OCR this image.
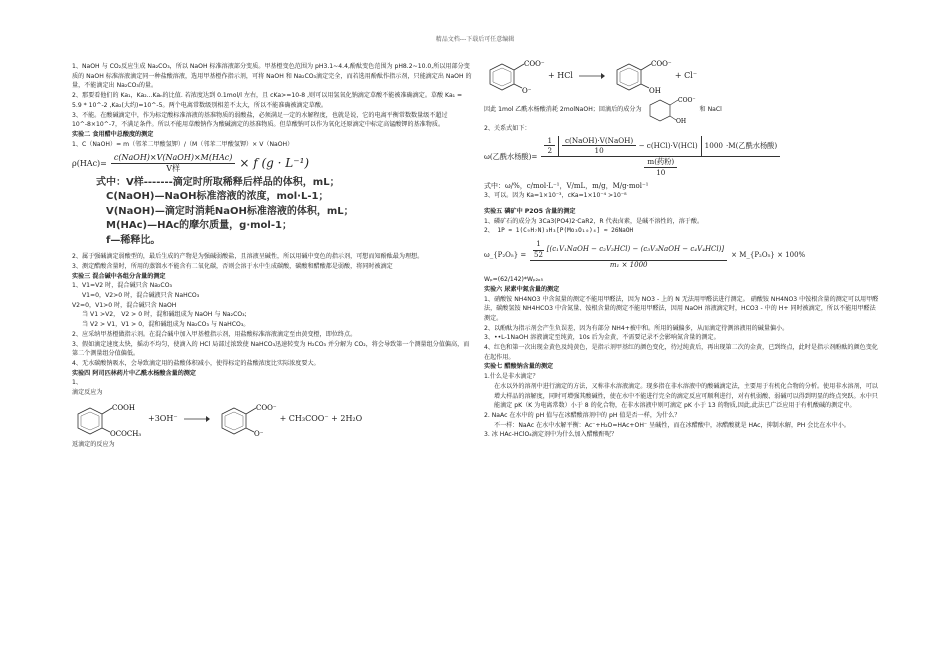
精品文档---下载后可任意编辑

1、NaOH 与 CO₂反应生成 Na₂CO₃，所以 NaOH 标准溶液部分变质。甲基橙变色范围为 pH3.1~4.4,酚酞变色范围为 pH8.2~10.0,所以用部分变质的 NaOH 标准溶液滴定同一种盐酸溶液，选用甲基橙作指示剂，可将 NaOH 和 Na₂CO₃滴定完全，而若选用酚酞作指示剂，只能滴定出 NaOH 的量，不能滴定出 Na₂CO₃的量。

2、那要看他们的 Ka₁，Ka₂...Kaₙ的比值. 若浓度达到 0.1mol/l 左右，且 cKa>=10-8 ,则可以用氢氧化钠滴定草酸不能被准确滴定。草酸 Ka₁ = 5.9 * 10^-2 ,Ka₂(大约)=10^-5。两个电离常数级别相差不太大，所以不能准确被滴定草酸。

3、不能。在酸碱滴定中，作为标定酸标准溶液的基准物质的弱酸盐，必须满足一定的水解程度，也就是说，它的电离平衡常数数量级不超过 10^-8×10^-7，不满足条件。所以不能用草酸钠作为酸碱滴定的基准物质。但草酸钠可以作为氧化还原滴定中标定高锰酸钾的基准物质。

实验二 食用醋中总酸度的测定

1、C（NaOH）= m（邻苯二甲酸氢钾）/（M（邻苯二甲酸氢钾）× V（NaOH）

$\rho(HAc)= \frac{\text{c(NaOH)×V(NaOH)×M(HAc)}}{\text{V样}} \times f$ (g · L⁻¹)
式中：V样-------滴定时所取稀释后样品的体积，mL；
C(NaOH)—NaOH标准溶液的浓度，mol·L-1；
V(NaOH)—滴定时消耗NaOH标准溶液的体积，mL；
M(HAc)—HAc的摩尔质量，g·mol-1；
f—稀释比。

2、属于强碱滴定弱酸型的，最后生成的产物是为强碱弱酸盐，且溶液呈碱性，所以用碱中变色的指示剂，可想而知酚酞最为理想。

3、测定醋酸含量时，所用的蒸馏水不能含有二氧化碳，否则会溶于水中生成碳酸，碳酸和醋酸都是弱酸，将同时被滴定

实验三 混合碱中各组分含量的测定

1、V1=V2 时，混合碱只含 Na₂CO₃

V1=0，V2>0 时，混合碱液只含 NaHCO₃

V2=0，V1>0 时，混合碱只含 NaOH

当 V1 >V2， V2 > 0 时，混和碱组成为 NaOH 与 Na₂CO₃;

当 V2 > V1，V1 > 0，混和碱组成为 Na₂CO₃ 与 NaHCO₃。

2、应采纳甲基橙做指示剂。在混合碱中加入甲基橙指示剂，用盐酸标准溶液滴定至由黄变橙，即位终点。

3、假如滴定速度太快，摇动不均匀，使滴入的 HCl 局部过浓致使 NaHCO₃迅速转变为 H₂CO₃ 并分解为 CO₂，将会导致第一个测量组分值偏高，而第二个测量组分值偏低。

4、无水碳酸钠吸水，会导致滴定用的盐酸体积减小，使得标定的盐酸浓度比实际浓度要大。

实验四 阿司匹林药片中乙酰水杨酸含量的测定

1、

滴定反应为

COOH
OCOCH₃
+3OH⁻
COO⁻
O⁻
+ CH₃COO⁻ + 2H₂O

返滴定的反应为

COO⁻
O⁻
+ HCl
COO⁻
OH
+ Cl⁻
因此 1mol 乙酰水杨酸消耗 2molNaOH；回滴后的成分为
COO⁻
OH
和 NaCl

2、关系式如下：

ω(乙酰水杨酸)=
$\frac{1}{2} \frac{\text{c(NaOH)·V(NaOH)}}{10} - c(HCl)\cdot V(HCl)$ 1000 ·M(乙酰水杨酸)
$\frac{\text{m(药粉)}}{10}$

式中：ω/%，c/mol·L⁻¹，V/mL，m/g，M/g·mol⁻¹

3、可以。因为 Ka=1×10⁻³，cKa=1×10⁻⁴ >10⁻⁸

实验五 磷矿中 P2O5 含量的测定

1、磷矿石的成分为 3Ca3(PO4)2·CaR2，R 代表卤素，是碱不溶性的，溶于酸。

2、 1P ≈ 1(C₉H₇N)₃H₃[P(Mo₃O₁₀)₄] ≈ 26NaOH

ω_{P₂O₅} = $\frac{\frac{1}{52} [(c_1V_1NaOH - c_2V_2HCl) - (c_3V_3NaOH - c_4V_4HCl)]}{\text{m₁ × 1000}}$ × M_{P₂O₅} × 100%

Wₚ=(62/142)*Wₚ₂ₒ₅

实验六 尿素中氮含量的测定

1、硝酸铵 NH4NO3 中含氮量的测定不能用甲醛法，因为 NO3 - 上的 N 无法用甲醛法进行测定。 硝酸铵 NH4NO3 中铵根含量的测定可以用甲醛法，碳酸氢铵 NH4HCO3 中含氮量、铵根含量的测定不能用甲醛法，因用 NaOH 溶液滴定时，HCO3 - 中的 H+ 同时被滴定，所以不能用甲醛法测定。

2、以酚酞为指示剂会产生负误差，因为有部分 NH4+被中和。所用的碱偏多，从而滴定待测溶液用的碱量偏小。

3、••L-1NaOH 溶液滴定至纯黄，10s 后为金黄，不需要记录不会影响氮含量的测定。

4、红色和第一次出现金黄色及纯黄色，是指示剂甲基红的颜色变化，待过纯黄后，再出现第二次的金黄，已到终点，此时是指示剂酚酞的颜色变化在起作用。

实验七 醋酸钠含量的测定

1.什么是非水滴定？

在水以外的溶剂中进行滴定的方法，又称非水溶液滴定。现多指在非水溶液中的酸碱滴定法，主要用于有机化合物的分析。使用非水溶剂，可以增大样品的溶解度，同时可增强其酸碱性，使在水中不能进行完全的滴定反应可顺利进行，对有机弱酸、弱碱可以得到明显的终点突跃。水中只能滴定 pK（K 为电离常数）小于 8 的化合物，在非水溶液中则可滴定 pK 小于 13 的物质,因此,此法已广泛应用于有机酸碱的测定中。

2. NaAc 在水中的 pH 值与在冰醋酸溶剂中的 pH 值是否一样，为什么？

不一样：NaAc 在水中水解平衡：Ac⁻+H₂O=HAc+OH⁻ 呈碱性，而在冰醋酸中，冰醋酸就是 HAc，抑制水解，PH 会比在水中小。

3. 冰 HAc-HClO₄滴定剂中为什么加入醋酸酐呢？
